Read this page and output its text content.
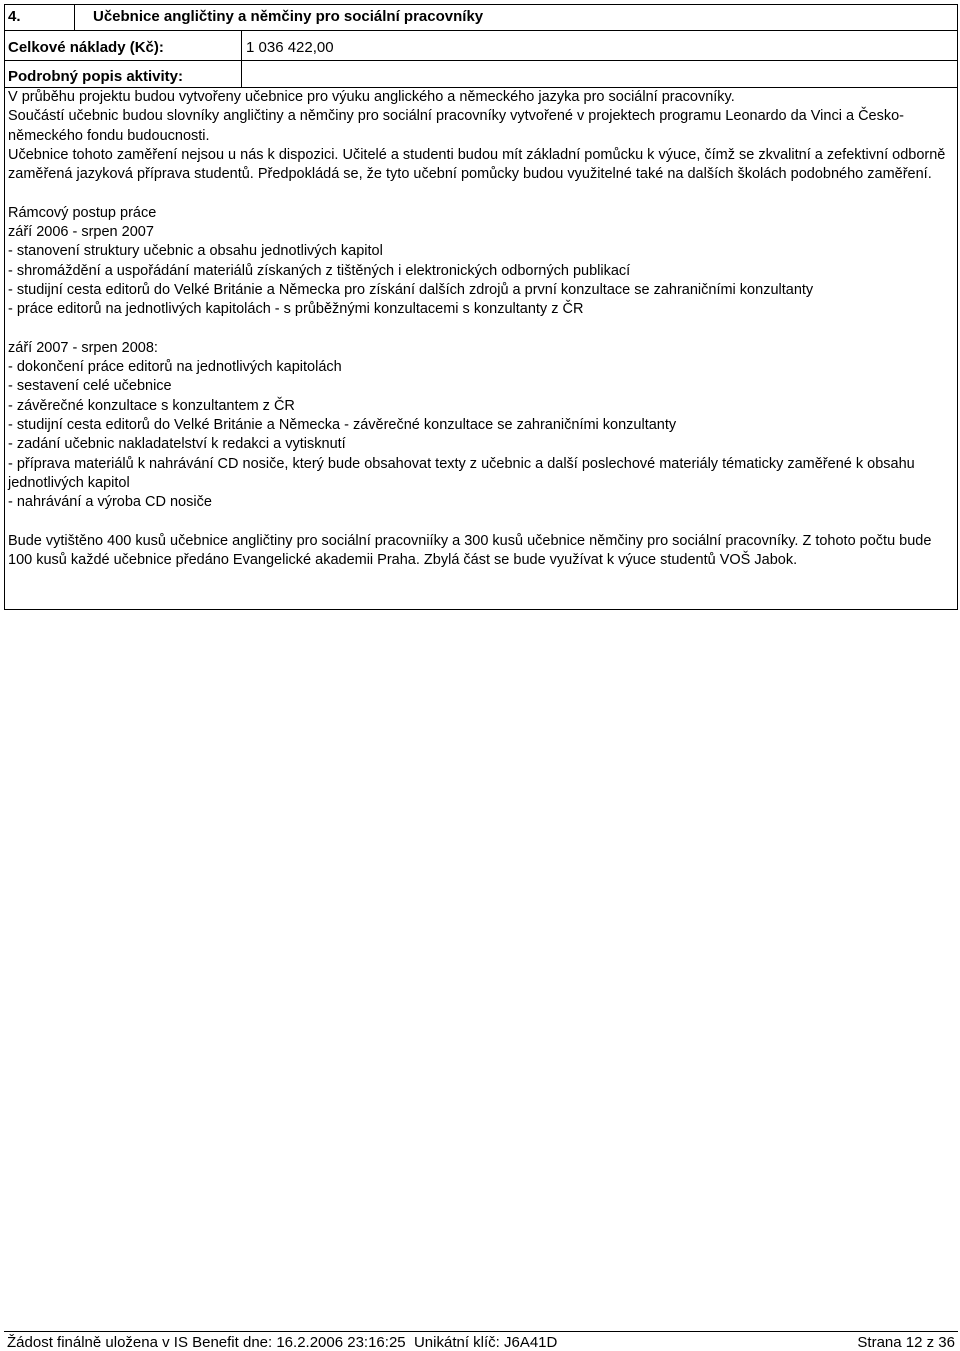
4.	Učebnice angličtiny a němčiny pro sociální pracovníky
Celkové náklady (Kč):	1 036 422,00
Podrobný popis aktivity:

V průběhu projektu budou vytvořeny učebnice pro výuku anglického a německého jazyka pro sociální pracovníky.

Součástí učebnic budou slovníky angličtiny a němčiny pro sociální pracovníky vytvořené v projektech programu Leonardo da Vinci a Česko-německého fondu budoucnosti.

Učebnice tohoto zaměření nejsou u nás k dispozici. Učitelé a studenti budou mít základní pomůcku k výuce, čímž se zkvalitní a zefektivní odborně zaměřená jazyková příprava studentů. Předpokládá se, že tyto učební pomůcky budou využitelné také na dalších školách podobného zaměření.

Rámcový postup práce

září 2006 - srpen 2007

- stanovení struktury učebnic a obsahu jednotlivých kapitol

- shromáždění a uspořádání materiálů získaných z tištěných i elektronických odborných publikací

- studijní cesta editorů do Velké Británie a Německa pro získání dalších zdrojů a první konzultace se zahraničními konzultanty

- práce editorů na jednotlivých kapitolách - s průběžnými konzultacemi s konzultanty z ČR

září 2007 - srpen 2008:

- dokončení práce editorů na jednotlivých kapitolách

- sestavení celé učebnice

- závěrečné konzultace s konzultantem z ČR

- studijní cesta editorů do Velké Británie a Německa - závěrečné konzultace se zahraničními konzultanty

- zadání učebnic nakladatelství k redakci a vytisknutí

- příprava materiálů k nahrávání CD nosiče, který bude obsahovat texty z učebnic a další poslechové materiály tématicky zaměřené k obsahu jednotlivých kapitol

- nahrávání a výroba CD nosiče

Bude vytištěno 400 kusů učebnice angličtiny pro sociální pracovniíky a 300 kusů učebnice němčiny pro sociální pracovníky. Z tohoto počtu bude 100 kusů každé učebnice předáno Evangelické akademii Praha. Zbylá část se bude využívat k výuce studentů VOŠ Jabok.

Žádost finálně uložena v IS Benefit dne: 16.2.2006 23:16:25  Unikátní klíč: J6A41D	Strana 12 z 36
